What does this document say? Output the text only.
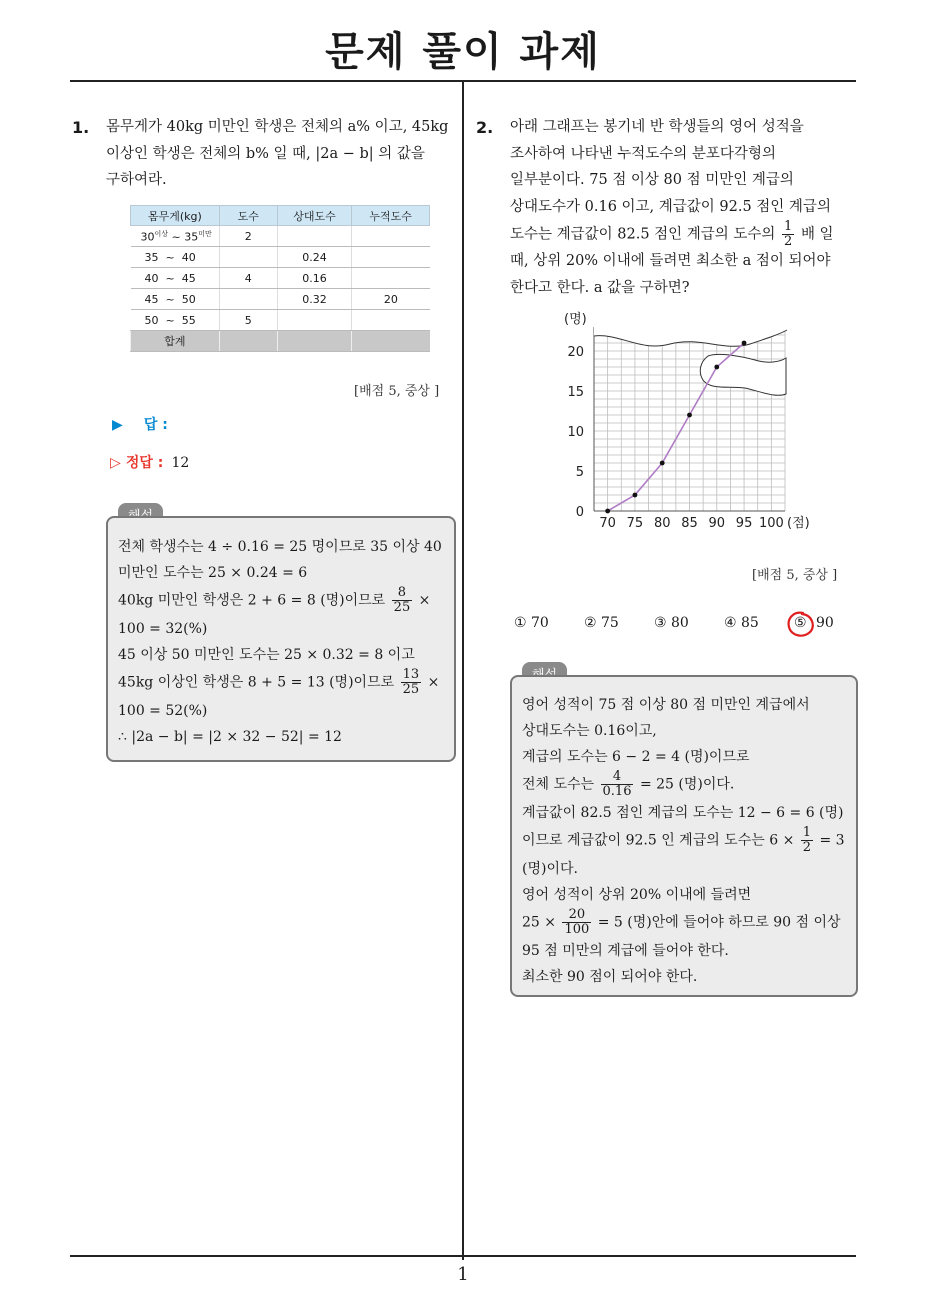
문제 풀이 과제
1
1. 몸무게가 40kg 미만인 학생은 전체의 a% 이고, 45kg
이상인 학생은 전체의 b% 일 때, |2a − b| 의 값을
구하여라.
몸무게(kg)	도수	상대도수	누적도수
$30^{이상}$ ~ $35^{미만}$	2		
35  ~  40		0.24	
40  ~  45	4	0.16	
45  ~  50		0.32	20
50  ~  55	5		
합계			
[배점 5, 중상 ]
▶ 답 :
▷ 정답 : 12
전체 학생수는 4 ÷ 0.16 = 25 명이므로 35 이상 40
미만인 도수는 25 × 0.24 = 6
40kg 미만인 학생은 2 + 6 = 8 (명)이므로 $\frac{8}{25}$ ×
100 = 32(%)
45 이상 50 미만인 도수는 25 × 0.32 = 8 이고
45kg 이상인 학생은 8 + 5 = 13 (명)이므로 $\frac{13}{25}$ ×
100 = 52(%)
∴ |2a − b| = |2 × 32 − 52| = 12
2. 아래 그래프는 봉기네 반 학생들의 영어 성적을
조사하여 나타낸 누적도수의 분포다각형의
일부분이다. 75 점 이상 80 점 미만인 계급의
상대도수가 0.16 이고, 계급값이 92.5 점인 계급의
도수는 계급값이 82.5 점인 계급의 도수의 $\frac{1}{2}$ 배 일
때, 상위 20% 이내에 들려면 최소한 a 점이 되어야
한다고 한다. a 값을 구하면?
70 75 80 85 90 95 100
0
5
10
15
20
(명)
(점)
[배점 5, 중상 ]
① 70	② 75	③ 80	④ 85	⑤ 90
영어 성적이 75 점 이상 80 점 미만인 계급에서
상대도수는 0.16이고,
계급의 도수는 6 − 2 = 4 (명)이므로
전체 도수는 $\frac{4}{0.16} = 25$ (명)이다.
계급값이 82.5 점인 계급의 도수는 12 − 6 = 6 (명)
이므로 계급값이 92.5 인 계급의 도수는 $6 \times \frac{1}{2} = 3$
(명)이다.
영어 성적이 상위 20% 이내에 들려면
$25 \times \frac{20}{100} = 5$ (명)안에 들어야 하므로 90 점 이상
95 점 미만의 계급에 들어야 한다.
최소한 90 점이 되어야 한다.
